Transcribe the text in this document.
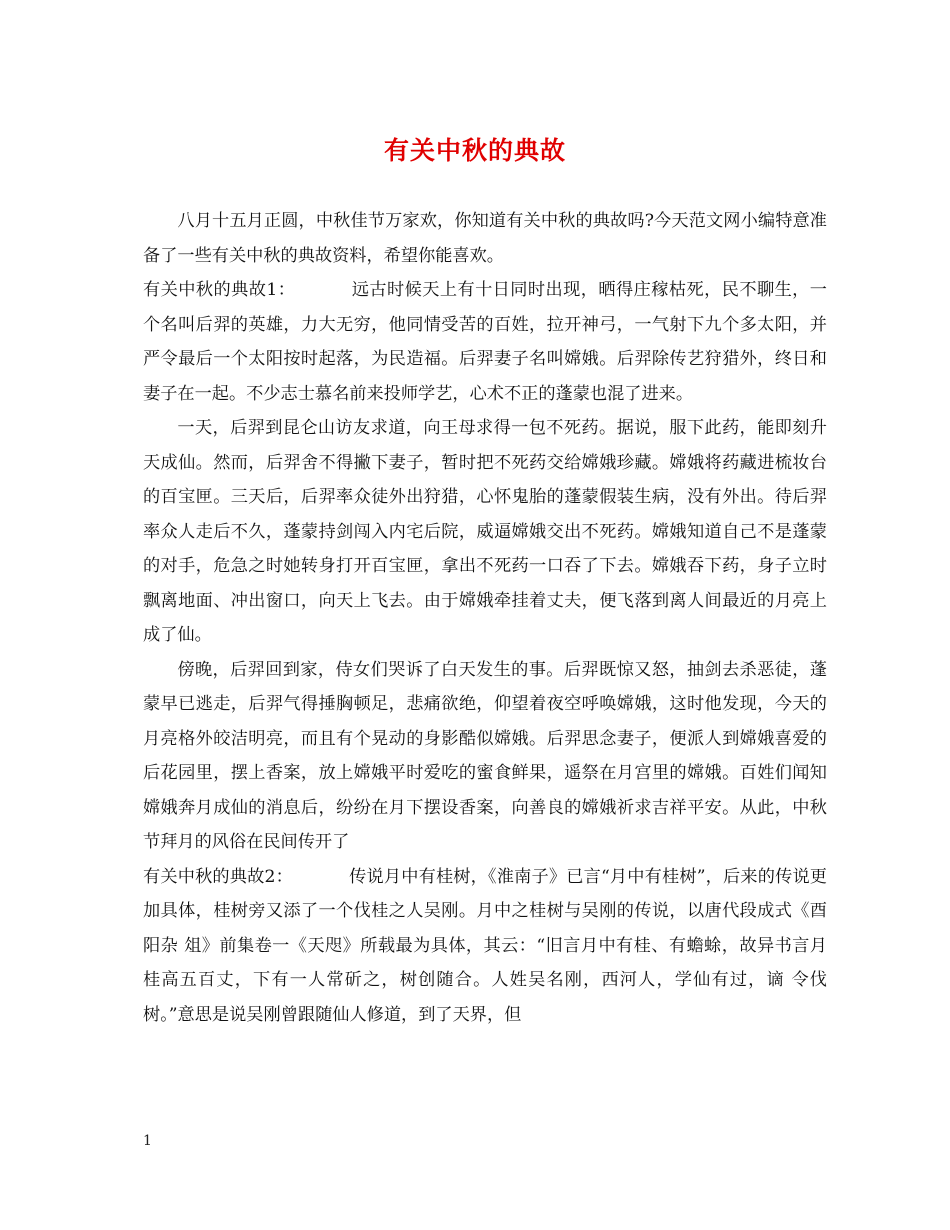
有关中秋的典故

八月十五月正圆，中秋佳节万家欢，你知道有关中秋的典故吗?今天范文网小编特意准备了一些有关中秋的典故资料，希望你能喜欢。

有关中秋的典故1：	远古时候天上有十日同时出现，晒得庄稼枯死，民不聊生，一个名叫后羿的英雄，力大无穷，他同情受苦的百姓，拉开神弓，一气射下九个多太阳，并严令最后一个太阳按时起落，为民造福。后羿妻子名叫嫦娥。后羿除传艺狩猎外，终日和妻子在一起。不少志士慕名前来投师学艺，心术不正的蓬蒙也混了进来。

一天，后羿到昆仑山访友求道，向王母求得一包不死药。据说，服下此药，能即刻升天成仙。然而，后羿舍不得撇下妻子，暂时把不死药交给嫦娥珍藏。嫦娥将药藏进梳妆台的百宝匣。三天后，后羿率众徒外出狩猎，心怀鬼胎的蓬蒙假装生病，没有外出。待后羿率众人走后不久，蓬蒙持剑闯入内宅后院，威逼嫦娥交出不死药。嫦娥知道自己不是蓬蒙的对手，危急之时她转身打开百宝匣，拿出不死药一口吞了下去。嫦娥吞下药，身子立时飘离地面、冲出窗口，向天上飞去。由于嫦娥牵挂着丈夫，便飞落到离人间最近的月亮上成了仙。

傍晚，后羿回到家，侍女们哭诉了白天发生的事。后羿既惊又怒，抽剑去杀恶徒，蓬蒙早已逃走，后羿气得捶胸顿足，悲痛欲绝，仰望着夜空呼唤嫦娥，这时他发现，今天的月亮格外皎洁明亮，而且有个晃动的身影酷似嫦娥。后羿思念妻子，便派人到嫦娥喜爱的后花园里，摆上香案，放上嫦娥平时爱吃的蜜食鲜果，遥祭在月宫里的嫦娥。百姓们闻知嫦娥奔月成仙的消息后，纷纷在月下摆设香案，向善良的嫦娥祈求吉祥平安。从此，中秋节拜月的风俗在民间传开了

有关中秋的典故2：	传说月中有桂树，《淮南子》已言“月中有桂树”，后来的传说更加具体，桂树旁又添了一个伐桂之人吴刚。月中之桂树与吴刚的传说，以唐代段成式《酉阳杂 俎》前集卷一《天咫》所载最为具体，其云：“旧言月中有桂、有蟾蜍，故异书言月桂高五百丈，下有一人常斫之，树创随合。人姓吴名刚，西河人，学仙有过，谪 令伐树。”意思是说吴刚曾跟随仙人修道，到了天界，但

1
